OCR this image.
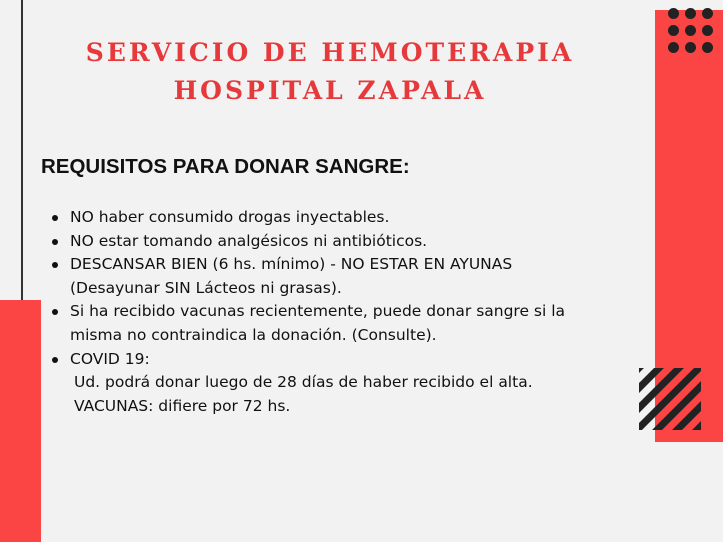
SERVICIO DE HEMOTERAPIA
HOSPITAL ZAPALA
REQUISITOS PARA DONAR SANGRE:
NO haber consumido drogas inyectables.
NO estar tomando analgésicos ni antibióticos.
DESCANSAR BIEN (6 hs. mínimo) - NO ESTAR EN AYUNAS
(Desayunar SIN Lácteos ni grasas).
Si ha recibido vacunas recientemente, puede donar sangre si la
misma no contraindica la donación. (Consulte).
COVID 19:
Ud. podrá donar luego de 28 días de haber recibido el alta.
VACUNAS: difiere por 72 hs.
